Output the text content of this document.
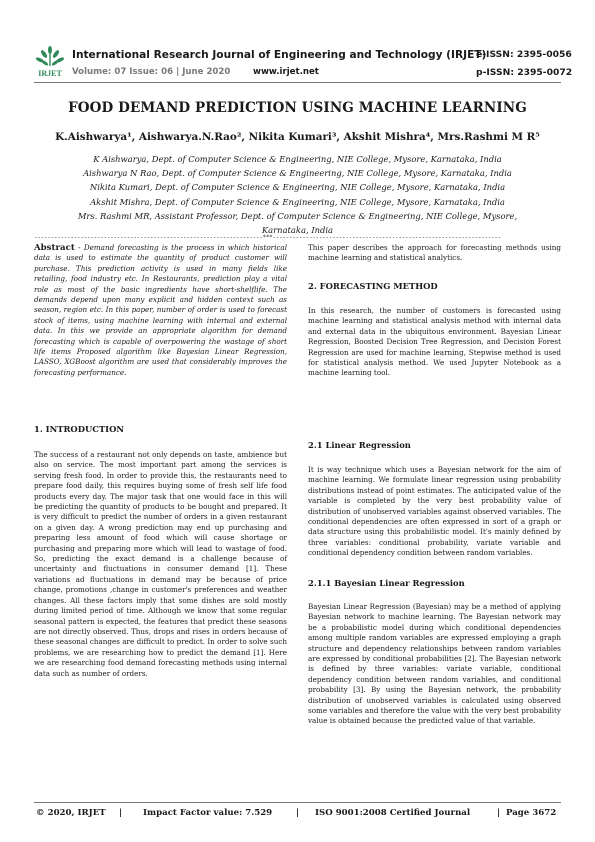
IRJET
International Research Journal of Engineering and Technology (IRJET)
e-ISSN: 2395-0056
Volume: 07 Issue: 06 | June 2020	www.irjet.net	p-ISSN: 2395-0072
FOOD DEMAND PREDICTION USING MACHINE LEARNING
K.Aishwarya¹, Aishwarya.N.Rao², Nikita Kumari³, Akshit Mishra⁴, Mrs.Rashmi M R⁵
K Aishwarya, Dept. of Computer Science & Engineering, NIE College, Mysore, Karnataka, India
Aishwarya N Rao, Dept. of Computer Science & Engineering, NIE College, Mysore, Karnataka, India
Nikita Kumari, Dept. of Computer Science & Engineering, NIE College, Mysore, Karnataka, India
Akshit Mishra, Dept. of Computer Science & Engineering, NIE College, Mysore, Karnataka, India
Mrs. Rashmi MR, Assistant Professor, Dept. of Computer Science & Engineering, NIE College, Mysore,
Karnataka, India
---------------------------------------------------------------------***---------------------------------------------------------------------
Abstract - Demand forecasting is the process in which historical data is used to estimate the quantity of product customer will purchase. This prediction activity is used in many fields like retailing, food industry etc. In Restaurants, prediction play a vital role as most of the basic ingredients have short-shelflife. The demands depend upon many explicit and hidden context such as season, region etc. In this paper, number of order is used to forecast stock of items, using machine learning with internal and external data. In this we provide an appropriate algorithm for demand forecasting which is capable of overpowering the wastage of short life items Proposed algorithm like Bayesian Linear Regression, LASSO, XGBoost algorithm are used that considerably improves the forecasting performance.
1. INTRODUCTION
The success of a restaurant not only depends on taste, ambience but also on service. The most important part among the services is serving fresh food. In order to provide this, the restaurants need to prepare food daily, this requires buying some of fresh self life food products every day. The major task that one would face in this will be predicting the quantity of products to be bought and prepared. It is very difficult to predict the number of orders in a given restaurant on a given day. A wrong prediction may end up purchasing and preparing less amount of food which will cause shortage or purchasing and preparing more which will lead to wastage of food. So, predicting the exact demand is a challenge because of uncertainty and fluctuations in consumer demand [1]. These variations ad fluctuations in demand may be because of price change, promotions ,change in customer's preferences and weather changes. All these factors imply that some dishes are sold mostly during limited period of time. Although we know that some regular seasonal pattern is expected, the features that predict these seasons are not directly observed. Thus, drops and rises in orders because of these seasonal changes are difficult to predict. In order to solve such problems, we are researching how to predict the demand [1]. Here we are researching food demand forecasting methods using internal data such as number of orders.
This paper describes the approach for forecasting methods using machine learning and statistical analytics.
2. FORECASTING METHOD
In this research, the number of customers is forecasted using machine learning and statistical analysis method with internal data and external data in the ubiquitous environment. Bayesian Linear Regression, Boosted Decision Tree Regression, and Decision Forest Regression are used for machine learning, Stepwise method is used for statistical analysis method. We used Jupyter Notebook as a machine learning tool.
2.1 Linear Regression
It is way technique which uses a Bayesian network for the aim of machine learning. We formulate linear regression using probability distributions instead of point estimates. The anticipated value of the variable is completed by the very best probability value of distribution of unobserved variables against observed variables. The conditional dependencies are often expressed in sort of a graph or data structure using this probabilistic model. It's mainly defined by three variables: conditional probability, variate variable and conditional dependency condition between random variables.
2.1.1 Bayesian Linear Regression
Bayesian Linear Regression (Bayesian) may be a method of applying Bayesian network to machine learning. The Bayesian network may be a probabilistic model during which conditional dependencies among multiple random variables are expressed employing a graph structure and dependency relationships between random variables are expressed by conditional probabilities [2]. The Bayesian network is defined by three variables: variate variable, conditional dependency condition between random variables, and conditional probability [3]. By using the Bayesian network, the probability distribution of unobserved variables is calculated using observed some variables and therefore the value with the very best probability value is obtained because the predicted value of that variable.
© 2020, IRJET | Impact Factor value: 7.529	| ISO 9001:2008 Certified Journal	| Page 3672
